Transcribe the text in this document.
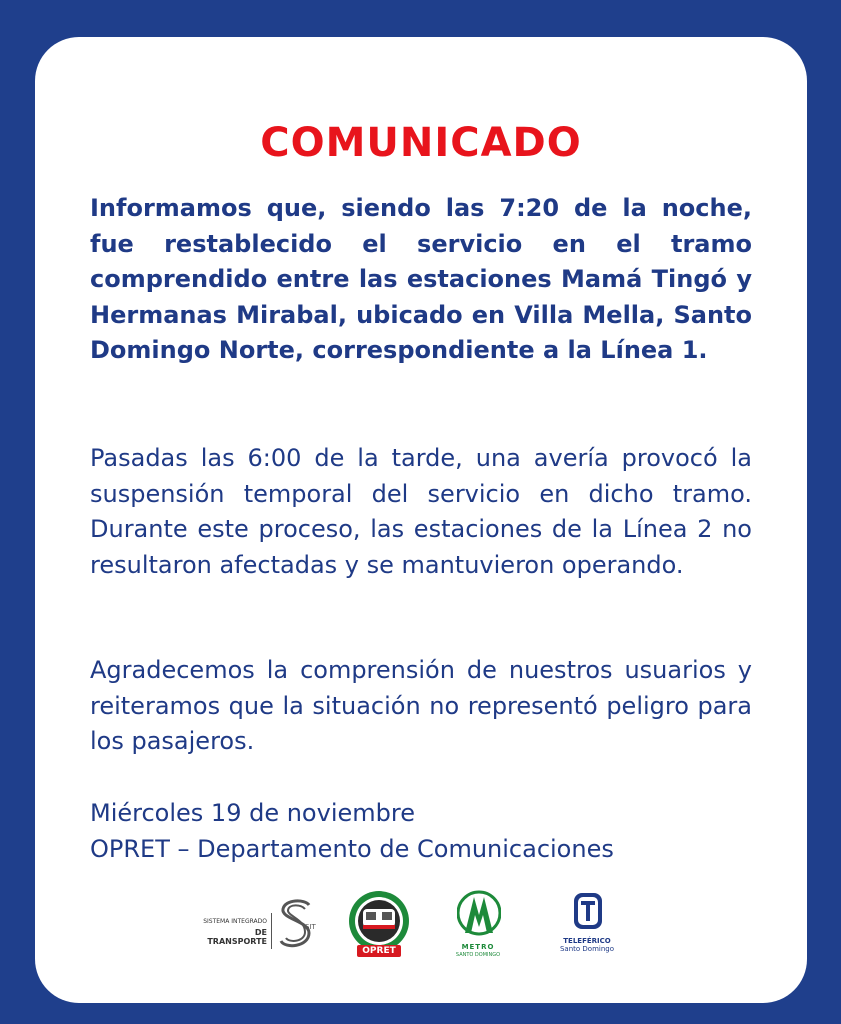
COMUNICADO

Informamos que, siendo las 7:20 de la noche, fue restablecido el servicio en el tramo comprendido entre las estaciones Mamá Tingó y Hermanas Mirabal, ubicado en Villa Mella, Santo Domingo Norte, correspondiente a la Línea 1.

Pasadas las 6:00 de la tarde, una avería provocó la suspensión temporal del servicio en dicho tramo. Durante este proceso, las estaciones de la Línea 2 no resultaron afectadas y se mantuvieron operando.

Agradecemos la comprensión de nuestros usuarios y reiteramos que la situación no representó peligro para los pasajeros.

Miércoles 19 de noviembre
OPRET – Departamento de Comunicaciones
SISTEMA INTEGRADO
DE TRANSPORTE
SIT
OPRET	METRO
SANTO DOMINGO
TELEFÉRICO
Santo Domingo
